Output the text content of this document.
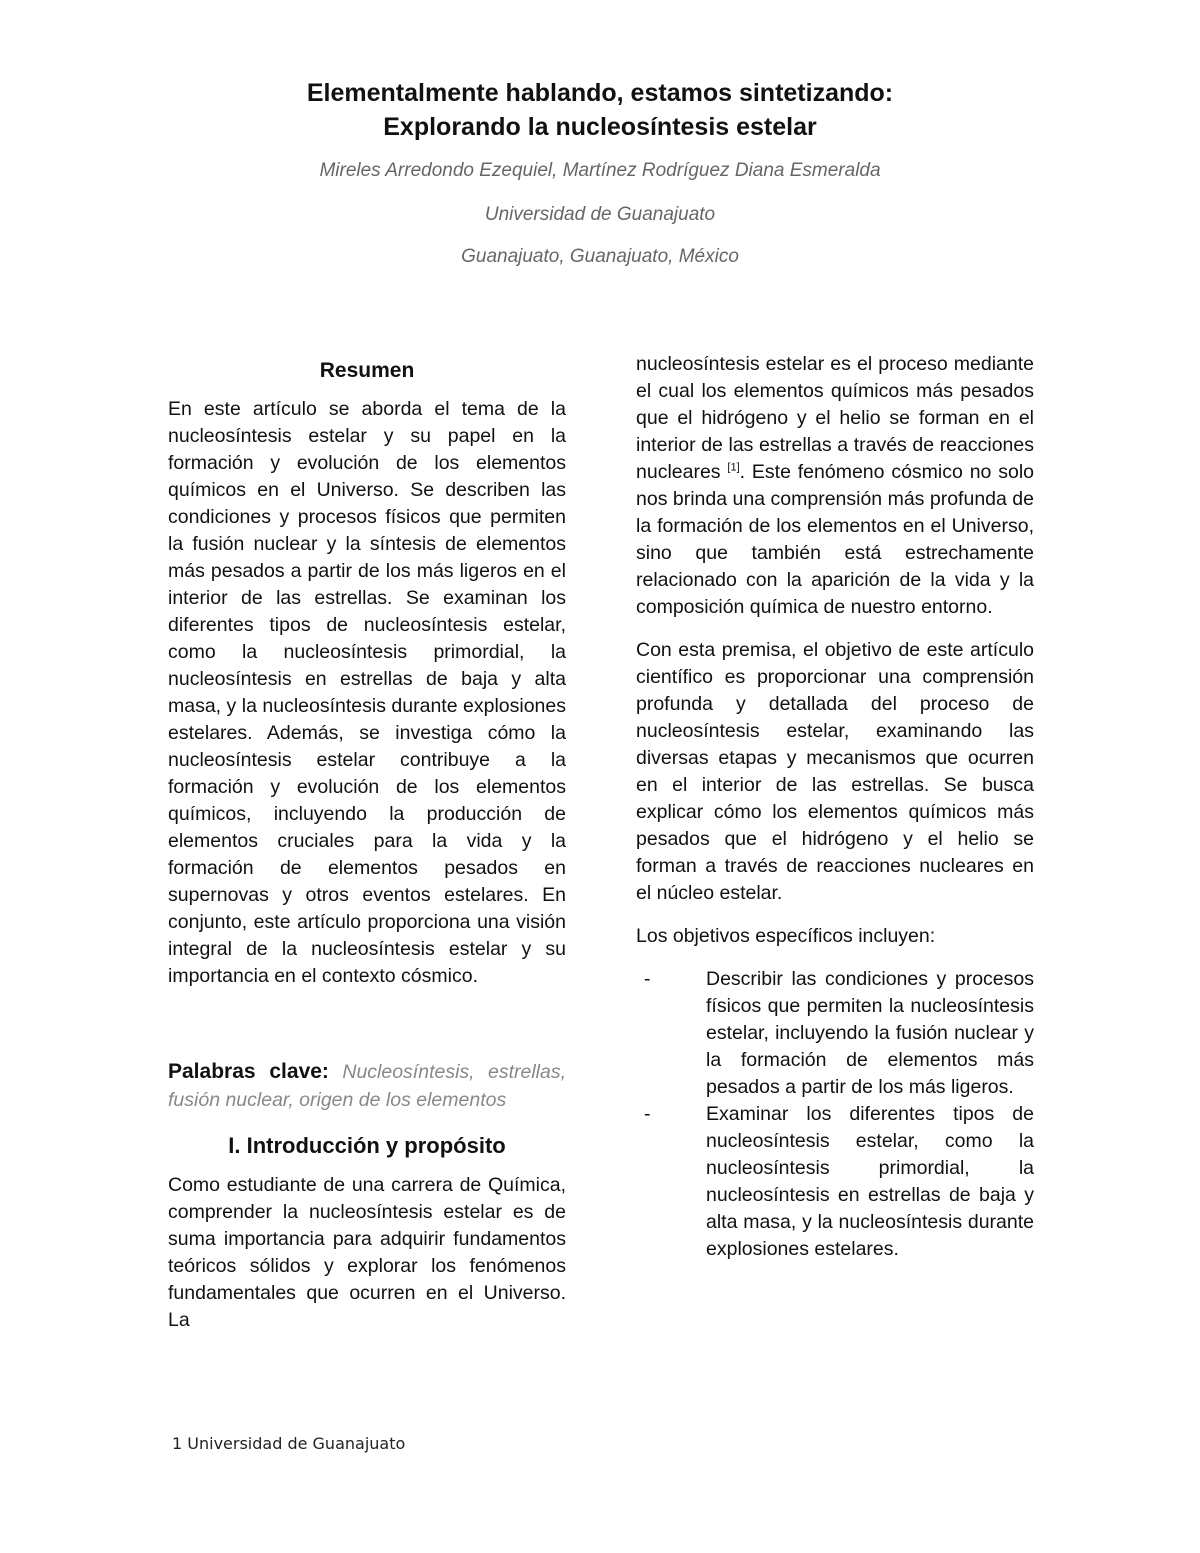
Elementalmente hablando, estamos sintetizando:
Explorando la nucleosíntesis estelar
Mireles Arredondo Ezequiel, Martínez Rodríguez Diana Esmeralda
Universidad de Guanajuato
Guanajuato, Guanajuato, México
Resumen

En este artículo se aborda el tema de la nucleosíntesis estelar y su papel en la formación y evolución de los elementos químicos en el Universo. Se describen las condiciones y procesos físicos que permiten la fusión nuclear y la síntesis de elementos más pesados a partir de los más ligeros en el interior de las estrellas. Se examinan los diferentes tipos de nucleosíntesis estelar, como la nucleosíntesis primordial, la nucleosíntesis en estrellas de baja y alta masa, y la nucleosíntesis durante explosiones estelares. Además, se investiga cómo la nucleosíntesis estelar contribuye a la formación y evolución de los elementos químicos, incluyendo la producción de elementos cruciales para la vida y la formación de elementos pesados en supernovas y otros eventos estelares. En conjunto, este artículo proporciona una visión integral de la nucleosíntesis estelar y su importancia en el contexto cósmico.

Palabras clave: Nucleosíntesis, estrellas, fusión nuclear, origen de los elementos
I. Introducción y propósito

Como estudiante de una carrera de Química, comprender la nucleosíntesis estelar es de suma importancia para adquirir fundamentos teóricos sólidos y explorar los fenómenos fundamentales que ocurren en el Universo. La

nucleosíntesis estelar es el proceso mediante el cual los elementos químicos más pesados que el hidrógeno y el helio se forman en el interior de las estrellas a través de reacciones nucleares [1]. Este fenómeno cósmico no solo nos brinda una comprensión más profunda de la formación de los elementos en el Universo, sino que también está estrechamente relacionado con la aparición de la vida y la composición química de nuestro entorno.

Con esta premisa, el objetivo de este artículo científico es proporcionar una comprensión profunda y detallada del proceso de nucleosíntesis estelar, examinando las diversas etapas y mecanismos que ocurren en el interior de las estrellas. Se busca explicar cómo los elementos químicos más pesados que el hidrógeno y el helio se forman a través de reacciones nucleares en el núcleo estelar.

Los objetivos específicos incluyen:

-	Describir las condiciones y procesos físicos que permiten la nucleosíntesis estelar, incluyendo la fusión nuclear y la formación de elementos más pesados a partir de los más ligeros.
-	Examinar los diferentes tipos de nucleosíntesis estelar, como la nucleosíntesis primordial, la nucleosíntesis en estrellas de baja y alta masa, y la nucleosíntesis durante explosiones estelares.
1 Universidad de Guanajuato
